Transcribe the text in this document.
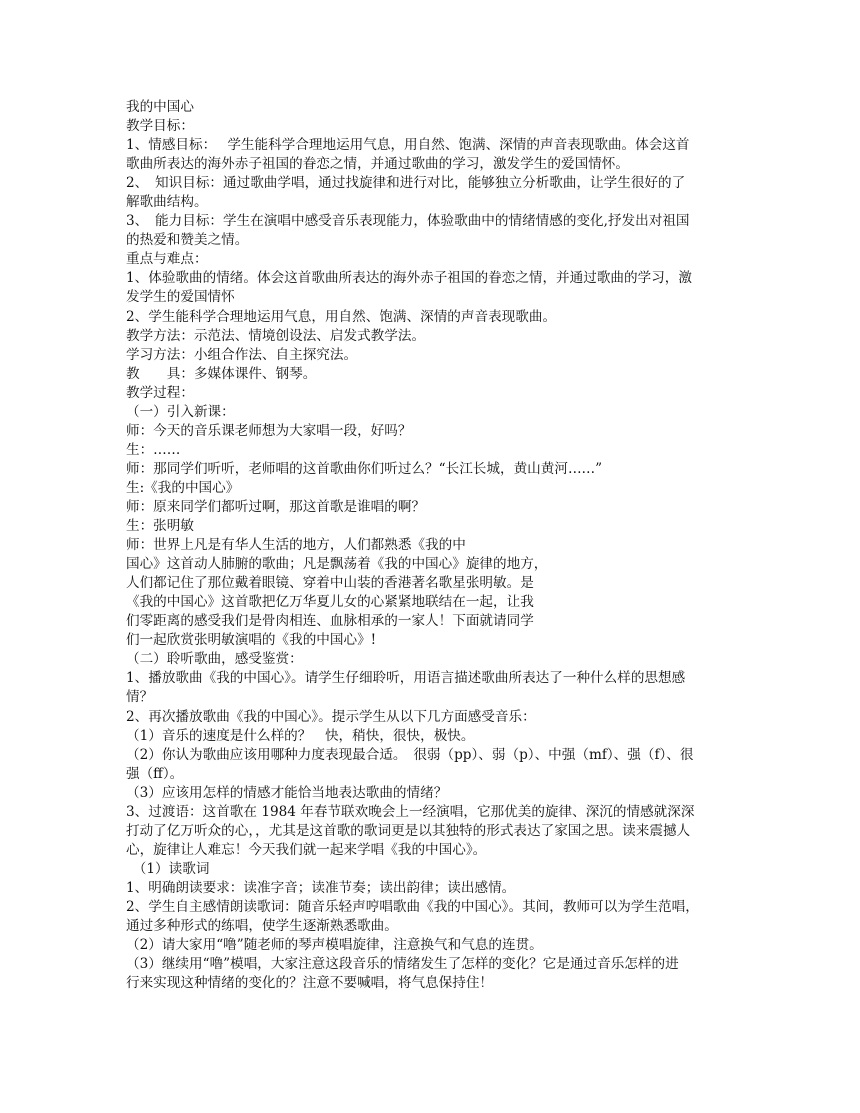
我的中国心
教学目标：
1、情感目标：　 学生能科学合理地运用气息，用自然、饱满、深情的声音表现歌曲。体会这首
歌曲所表达的海外赤子祖国的眷恋之情，并通过歌曲的学习，激发学生的爱国情怀。
2、　知识目标：通过歌曲学唱，通过找旋律和进行对比，能够独立分析歌曲，让学生很好的了
解歌曲结构。
3、　能力目标：学生在演唱中感受音乐表现能力，体验歌曲中的情绪情感的变化,抒发出对祖国
的热爱和赞美之情。
重点与难点：
1、体验歌曲的情绪。体会这首歌曲所表达的海外赤子祖国的眷恋之情，并通过歌曲的学习，激
发学生的爱国情怀
2、学生能科学合理地运用气息，用自然、饱满、深情的声音表现歌曲。
教学方法：示范法、情境创设法、启发式教学法。
学习方法：小组合作法、自主探究法。
教　　具：多媒体课件、钢琴。
教学过程：
（一）引入新课：
师：今天的音乐课老师想为大家唱一段，好吗？
生：……
师：那同学们听听，老师唱的这首歌曲你们听过么？“长江长城，黄山黄河……”
生:《我的中国心》
师：原来同学们都听过啊，那这首歌是谁唱的啊？
生：张明敏
师：世界上凡是有华人生活的地方，人们都熟悉《我的中
国心》这首动人肺腑的歌曲；凡是飘荡着《我的中国心》旋律的地方，
人们都记住了那位戴着眼镜、穿着中山装的香港著名歌星张明敏。是
《我的中国心》这首歌把亿万华夏儿女的心紧紧地联结在一起，让我
们零距离的感受我们是骨肉相连、血脉相承的一家人！下面就请同学
们一起欣赏张明敏演唱的《我的中国心》!
（二）聆听歌曲，感受鉴赏：
1、播放歌曲《我的中国心》。请学生仔细聆听，用语言描述歌曲所表达了一种什么样的思想感
情？
2、再次播放歌曲《我的中国心》。提示学生从以下几方面感受音乐：
（1）音乐的速度是什么样的？　快，稍快，很快，极快。
（2）你认为歌曲应该用哪种力度表现最合适。　很弱（pp）、弱（p）、中强（mf）、强（f）、很
强（ff）。
（3）应该用怎样的情感才能恰当地表达歌曲的情绪？
3、过渡语：这首歌在 1984 年春节联欢晚会上一经演唱，它那优美的旋律、深沉的情感就深深
打动了亿万听众的心，，尤其是这首歌的歌词更是以其独特的形式表达了家国之思。读来震撼人
心，旋律让人难忘！今天我们就一起来学唱《我的中国心》。
　（1）读歌词
1、明确朗读要求：读准字音；读准节奏；读出韵律；读出感情。
2、学生自主感情朗读歌词：随音乐轻声哼唱歌曲《我的中国心》。其间，教师可以为学生范唱，
通过多种形式的练唱，使学生逐渐熟悉歌曲。
（2）请大家用“噜”随老师的琴声模唱旋律，注意换气和气息的连贯。
（3）继续用“噜”模唱，大家注意这段音乐的情绪发生了怎样的变化？它是通过音乐怎样的进
行来实现这种情绪的变化的？注意不要喊唱，将气息保持住！
